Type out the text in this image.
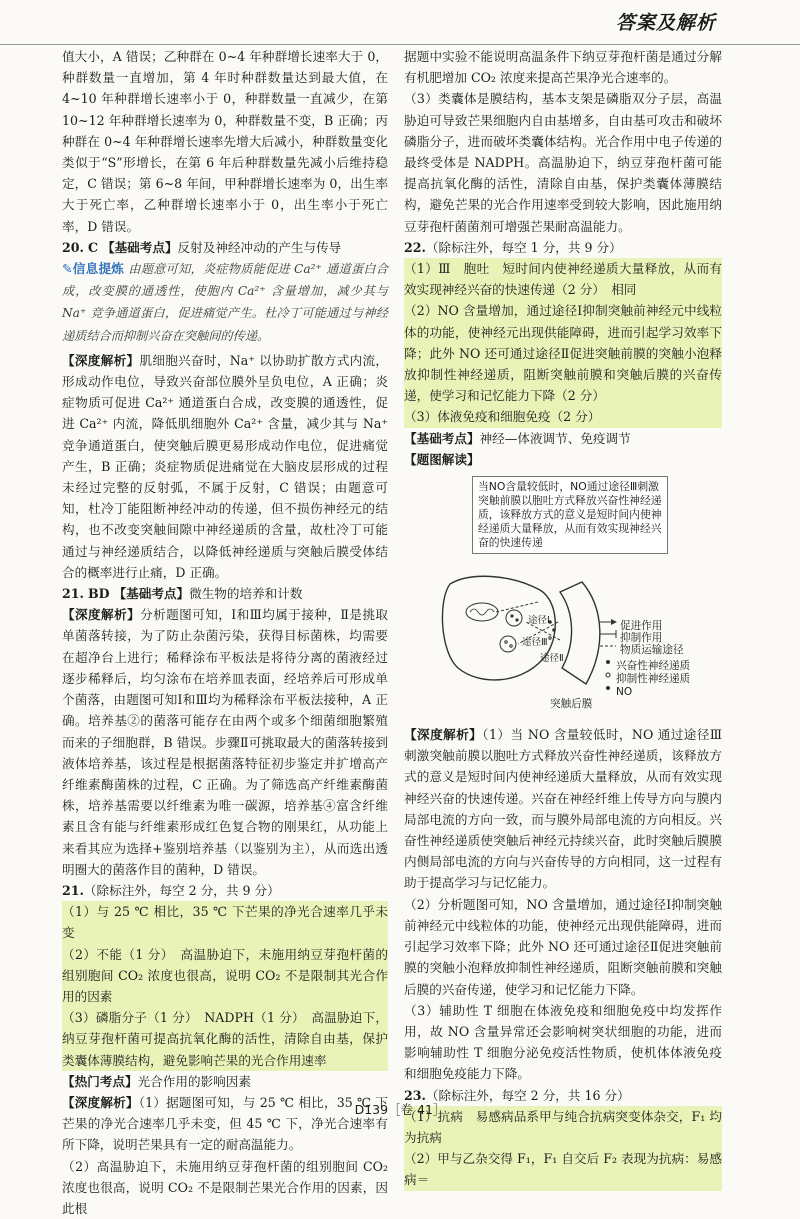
答案及解析

值大小，A 错误；乙种群在 0~4 年种群增长速率大于 0，种群数量一直增加，第 4 年时种群数量达到最大值，在 4~10 年种群增长速率小于 0，种群数量一直减少，在第 10~12 年种群增长速率为 0，种群数量不变，B 正确；丙种群在 0~4 年种群增长速率先增大后减小，种群数量变化类似于“S”形增长，在第 6 年后种群数量先减小后维持稳定，C 错误；第 6~8 年间，甲种群增长速率为 0，出生率大于死亡率，乙种群增长速率小于 0，出生率小于死亡率，D 错误。

20. C 【基础考点】反射及神经冲动的产生与传导

✎信息提炼 由题意可知，炎症物质能促进 Ca²⁺ 通道蛋白合成，改变膜的通透性，使胞内 Ca²⁺ 含量增加，减少其与 Na⁺ 竞争通道蛋白，促进痛觉产生。杜冷丁可能通过与神经递质结合而抑制兴奋在突触间的传递。

【深度解析】肌细胞兴奋时，Na⁺ 以协助扩散方式内流，形成动作电位，导致兴奋部位膜外呈负电位，A 正确；炎症物质可促进 Ca²⁺ 通道蛋白合成，改变膜的通透性，促进 Ca²⁺ 内流，降低肌细胞外 Ca²⁺ 含量，减少其与 Na⁺ 竞争通道蛋白，使突触后膜更易形成动作电位，促进痛觉产生，B 正确；炎症物质促进痛觉在大脑皮层形成的过程未经过完整的反射弧，不属于反射，C 错误；由题意可知，杜冷丁能阻断神经冲动的传递，但不损伤神经元的结构，也不改变突触间隙中神经递质的含量，故杜冷丁可能通过与神经递质结合，以降低神经递质与突触后膜受体结合的概率进行止痛，D 正确。

21. BD 【基础考点】微生物的培养和计数

【深度解析】分析题图可知，Ⅰ和Ⅲ均属于接种，Ⅱ是挑取单菌落转接，为了防止杂菌污染，获得目标菌株，均需要在超净台上进行；稀释涂布平板法是将待分离的菌液经过逐步稀释后，均匀涂布在培养皿表面，经培养后可形成单个菌落，由题图可知Ⅰ和Ⅲ均为稀释涂布平板法接种，A 正确。培养基②的菌落可能存在由两个或多个细菌细胞繁殖而来的子细胞群，B 错误。步骤Ⅱ可挑取最大的菌落转接到液体培养基，该过程是根据菌落特征初步鉴定并扩增高产纤维素酶菌株的过程，C 正确。为了筛选高产纤维素酶菌株，培养基需要以纤维素为唯一碳源，培养基④富含纤维素且含有能与纤维素形成红色复合物的刚果红，从功能上来看其应为选择+鉴别培养基（以鉴别为主），从而选出透明圈大的菌落作目的菌种，D 错误。

21.（除标注外，每空 2 分，共 9 分）

（1）与 25 ℃ 相比，35 ℃ 下芒果的净光合速率几乎未变

（2）不能（1 分）　高温胁迫下，未施用纳豆芽孢杆菌的组别胞间 CO₂ 浓度也很高，说明 CO₂ 不是限制其光合作用的因素

（3）磷脂分子（1 分）　NADPH（1 分）　高温胁迫下，纳豆芽孢杆菌可提高抗氧化酶的活性，清除自由基，保护类囊体薄膜结构，避免影响芒果的光合作用速率

【热门考点】光合作用的影响因素

【深度解析】（1）据题图可知，与 25 ℃ 相比，35 ℃ 下芒果的净光合速率几乎未变，但 45 ℃ 下，净光合速率有所下降，说明芒果具有一定的耐高温能力。

（2）高温胁迫下，未施用纳豆芽孢杆菌的组别胞间 CO₂ 浓度也很高，说明 CO₂ 不是限制芒果光合作用的因素，因此根

据题中实验不能说明高温条件下纳豆芽孢杆菌是通过分解有机肥增加 CO₂ 浓度来提高芒果净光合速率的。

（3）类囊体是膜结构，基本支架是磷脂双分子层，高温胁迫可导致芒果细胞内自由基增多，自由基可攻击和破坏磷脂分子，进而破坏类囊体结构。光合作用中电子传递的最终受体是 NADPH。高温胁迫下，纳豆芽孢杆菌可能提高抗氧化酶的活性，清除自由基，保护类囊体薄膜结构，避免芒果的光合作用速率受到较大影响，因此施用纳豆芽孢杆菌菌剂可增强芒果耐高温能力。

22.（除标注外，每空 1 分，共 9 分）

（1）Ⅲ　胞吐　短时间内使神经递质大量释放，从而有效实现神经兴奋的快速传递（2 分）　相同

（2）NO 含量增加，通过途径Ⅰ抑制突触前神经元中线粒体的功能，使神经元出现供能障碍，进而引起学习效率下降；此外 NO 还可通过途径Ⅱ促进突触前膜的突触小泡释放抑制性神经递质，阻断突触前膜和突触后膜的兴奋传递，使学习和记忆能力下降（2 分）

（3）体液免疫和细胞免疫（2 分）

【基础考点】神经—体液调节、免疫调节

【题图解读】

当NO含量较低时，NO通过途径Ⅲ刺激突触前膜以胞吐方式释放兴奋性神经递质，该释放方式的意义是短时间内使神经递质大量释放，从而有效实现神经兴奋的快速传递
促进作用
抑制作用
物质运输途径
兴奋性神经递质
抑制性神经递质
NO
途径Ⅰ
途径Ⅱ
途径Ⅲ
突触后膜

【深度解析】（1）当 NO 含量较低时，NO 通过途径Ⅲ刺激突触前膜以胞吐方式释放兴奋性神经递质，该释放方式的意义是短时间内使神经递质大量释放，从而有效实现神经兴奋的快速传递。兴奋在神经纤维上传导方向与膜内局部电流的方向一致，而与膜外局部电流的方向相反。兴奋性神经递质使突触后神经元持续兴奋，此时突触后膜膜内侧局部电流的方向与兴奋传导的方向相同，这一过程有助于提高学习与记忆能力。

（2）分析题图可知，NO 含量增加，通过途径Ⅰ抑制突触前神经元中线粒体的功能，使神经元出现供能障碍，进而引起学习效率下降；此外 NO 还可通过途径Ⅱ促进突触前膜的突触小泡释放抑制性神经递质，阻断突触前膜和突触后膜的兴奋传递，使学习和记忆能力下降。

（3）辅助性 T 细胞在体液免疫和细胞免疫中均发挥作用，故 NO 含量异常还会影响树突状细胞的功能，进而影响辅助性 T 细胞分泌免疫活性物质，使机体体液免疫和细胞免疫能力下降。

23.（除标注外，每空 2 分，共 16 分）

（1）抗病　易感病品系甲与纯合抗病突变体杂交，F₁ 均为抗病

（2）甲与乙杂交得 F₁，F₁ 自交后 F₂ 表现为抗病：易感病＝

D139［卷 41］
